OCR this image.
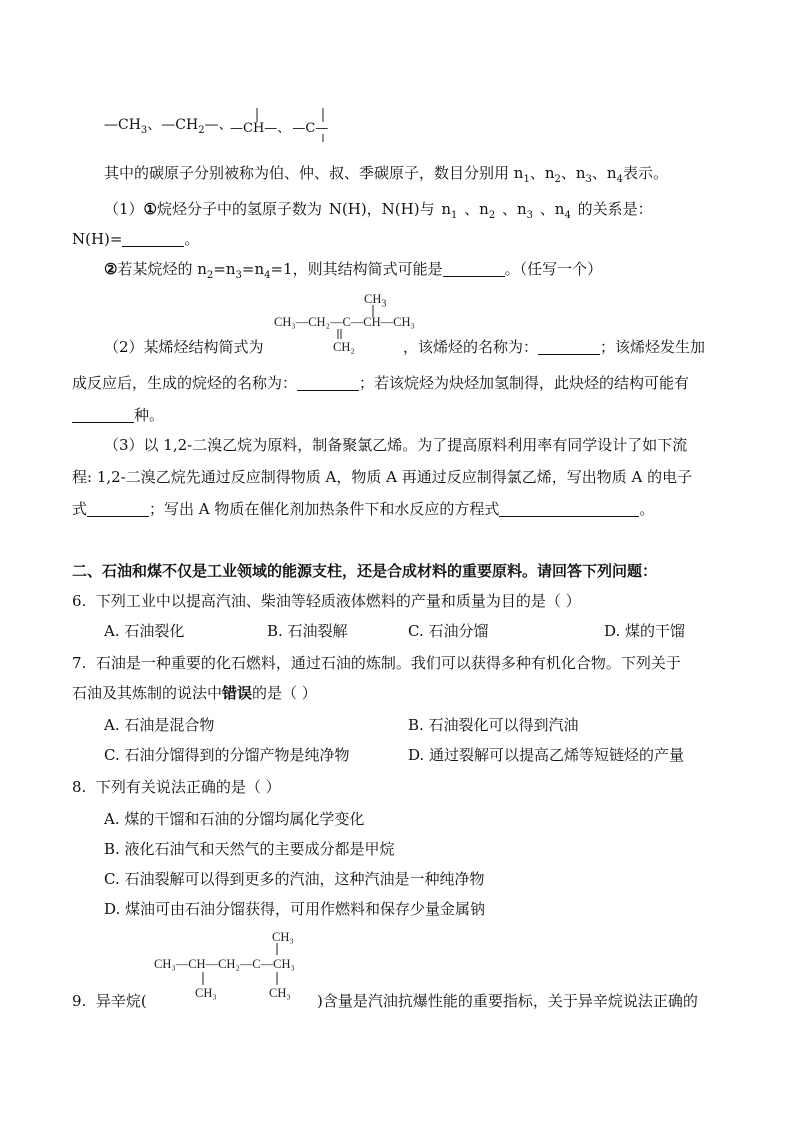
$—CH_3$、$—CH_2—$、
—CH—、 —C—
其中的碳原子分别被称为伯、仲、叔、季碳原子，数目分别用 $n_1$、$n_2$、$n_3$、$n_4$表示。
（1）①烷烃分子中的氢原子数为 N(H)，N(H)与 $n_1$ 、$n_2$ 、$n_3$ 、$n_4$ 的关系是：
N(H)=	。
②若某烷烃的 $n_2=n_3=n_4=1$，则其结构简式可能是	。（任写一个）
$CH_3$
CH₃—CH₂—C—CH—CH₃
CH₂
（2）某烯烃结构简式为	，该烯烃的名称为：	；该烯烃发生加
成反应后，生成的烷烃的名称为：	；若该烷烃为炔烃加氢制得，此炔烃的结构可能有
种。
（3）以 1,2-二溴乙烷为原料，制备聚氯乙烯。为了提高原料利用率有同学设计了如下流
程: 1,2-二溴乙烷先通过反应制得物质 A，物质 A 再通过反应制得氯乙烯，写出物质 A 的电子
式	；写出 A 物质在催化剂加热条件下和水反应的方程式	。
二、石油和煤不仅是工业领域的能源支柱，还是合成材料的重要原料。请回答下列问题：
6. 下列工业中以提高汽油、柴油等轻质液体燃料的产量和质量为目的是（ ）
A. 石油裂化	B. 石油裂解	C. 石油分馏	D. 煤的干馏
7. 石油是一种重要的化石燃料，通过石油的炼制。我们可以获得多种有机化合物。下列关于
石油及其炼制的说法中错误的是（ ）
A. 石油是混合物	B. 石油裂化可以得到汽油
C. 石油分馏得到的分馏产物是纯净物	D. 通过裂解可以提高乙烯等短链烃的产量
8. 下列有关说法正确的是（ ）
A. 煤的干馏和石油的分馏均属化学变化
B. 液化石油气和天然气的主要成分都是甲烷
C. 石油裂解可以得到更多的汽油，这种汽油是一种纯净物
D. 煤油可由石油分馏获得，可用作燃料和保存少量金属钠
CH₃
CH₃—CH—CH₂—C—CH₃
CH₃	CH₃
9. 异辛烷(	)含量是汽油抗爆性能的重要指标，关于异辛烷说法正确的
